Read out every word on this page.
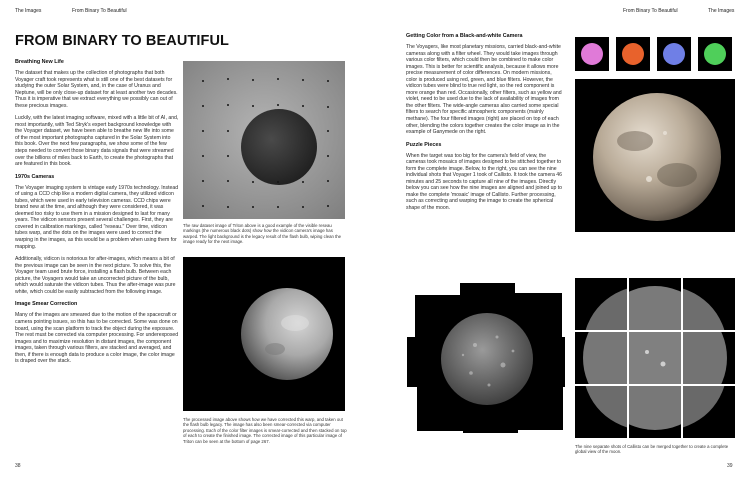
The Images	From Binary To Beautiful	From Binary To Beautiful	The Images
FROM BINARY TO BEAUTIFUL
Breathing New Life

The dataset that makes up the collection of photographs that both Voyager craft took represents what is still one of the best datasets for studying the outer Solar System, and, in the case of Uranus and Neptune, will be only close-up dataset for at least another two decades. Thus it is imperative that we extract everything we possibly can out of these precious images.

Luckily, with the latest imaging software, mixed with a little bit of AI, and, most importantly, with Ted Stryk's expert background knowledge with the Voyager dataset, we have been able to breathe new life into some of the most important photographs captured in the Solar System into this book. Over the next few paragraphs, we show some of the few steps needed to convert those binary data signals that were streamed over the billions of miles back to Earth, to create the photographs that are featured in this book.

1970s Cameras

The Voyager imaging system is vintage early 1970s technology. Instead of using a CCD chip like a modern digital camera, they utilized vidicon tubes, which were used in early television cameras. CCD chips were brand new at the time, and although they were considered, it was deemed too risky to use them in a mission designed to last for many years. The vidicon sensors present several challenges. First, they are covered in calibration markings, called "reseau." Over time, vidicon tubes warp, and the dots on the images were used to correct the warping in the images, as this would be a problem when using them for mapping.

Additionally, vidicon is notorious for after-images, which means a bit of the previous image can be seen in the next picture. To solve this, the Voyager team used brute force, installing a flash bulb. Between each picture, the Voyagers would take an uncorrected picture of the bulb, which would saturate the vidicon tubes. Thus the after-image was pure white, which could be easily subtracted from the following image.

Image Smear Correction

Many of the images are smeared due to the motion of the spacecraft or camera pointing issues, so this has to be corrected. Some was done on board, using the scan platform to track the object during the exposure. The rest must be corrected via computer processing. For underexposed images and to maximize resolution in distant images, the component images, taken through various filters, are stacked and averaged, and then, if there is enough data to produce a color image, the color image is draped over the stack.

The raw dataset image of Triton above is a good example of the visible reseau markings (the numerous black dots) show how the vidicon camera's image has warped. The light background is the legacy result of the flash bulb, wiping clean the image ready for the next image.
The processed image above shows how we have corrected this warp, and taken out the flash bulb legacy. The image has also been smear-corrected via computer processing. Each of the color filter images is smear-corrected and then stacked on top of each to create the finished image. The corrected image of this particular image of Triton can be seen at the bottom of page 267.
38
Getting Color from a Black-and-white Camera

The Voyagers, like most planetary missions, carried black-and-white cameras along with a filter wheel. They would take images through various color filters, which could then be combined to make color images. This is better for scientific analysis, because it allows more precise measurement of color differences. On modern missions, color is produced using red, green, and blue filters. However, the vidicon tubes were blind to true red light, so the red component is more orange than red. Occasionally, other filters, such as yellow and violet, need to be used due to the lack of availability of images from the other filters. The wide-angle cameras also carried some special filters to search for specific atmospheric components (mainly methane). The four filtered images (right) are placed on top of each other, blending the colors together creates the color image as in the example of Ganymede on the right.

Puzzle Pieces

When the target was too big for the camera's field of view, the cameras took mosaics of images designed to be stitched together to form the complete image. Below, to the right, you can see the nine individual shots that Voyager 1 took of Callisto. It took the camera 46 minutes and 25 seconds to capture all nine of the images. Directly below you can see how the nine images are aligned and joined up to make the complete 'mosaic' image of Callisto. Further processing, such as correcting and warping the image to create the spherical shape of the moon.

The nine separate shots of Callisto can be merged together to create a complete global view of the moon.
39
